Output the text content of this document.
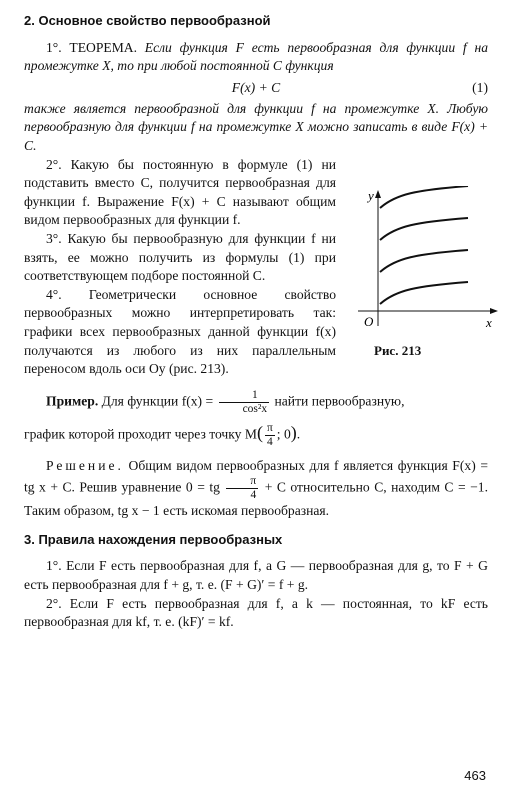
2. Основное свойство первообразной

1°. ТЕОРЕМА. Если функция F есть первообразная для функции f на промежутке X, то при любой постоянной C функция

F(x) + C	(1)

также является первообразной для функции f на промежутке X. Любую первообразную для функции f на промежутке X можно записать в виде F(x) + C.

2°. Какую бы постоянную в формуле (1) ни подставить вместо C, получится первообразная для функции f. Выражение F(x) + C называют общим видом первообразных для функции f.

3°. Какую бы первообразную для функции f ни взять, ее можно получить из формулы (1) при соответствующем подборе постоянной C.

4°. Геометрически основное свойство первообразных можно интерпретировать так: графики всех первообразных данной функции f(x) получаются из любого из них параллельным переносом вдоль оси Oy (рис. 213).

y
x
O
Рис. 213

Пример. Для функции $f(x) = \frac{1}{\text{cos²x}}$ найти первообразную,

график которой проходит через точку $M( \frac{\pi}{4}$ ; 0).

Решение. Общим видом первообразных для f является функция F(x) = tg x + C. Решив уравнение 0 = tg $\frac{\pi}{4} + C$ относительно C, находим C = −1. Таким образом, tg x − 1 есть искомая первообразная.

3. Правила нахождения первообразных

1°. Если F есть первообразная для f, а G — первообразная для g, то F + G есть первообразная для f + g, т. е. (F + G)′ = f + g.

2°. Если F есть первообразная для f, а k — постоянная, то kF есть первообразная для kf, т. е. (kF)′ = kf.

463
